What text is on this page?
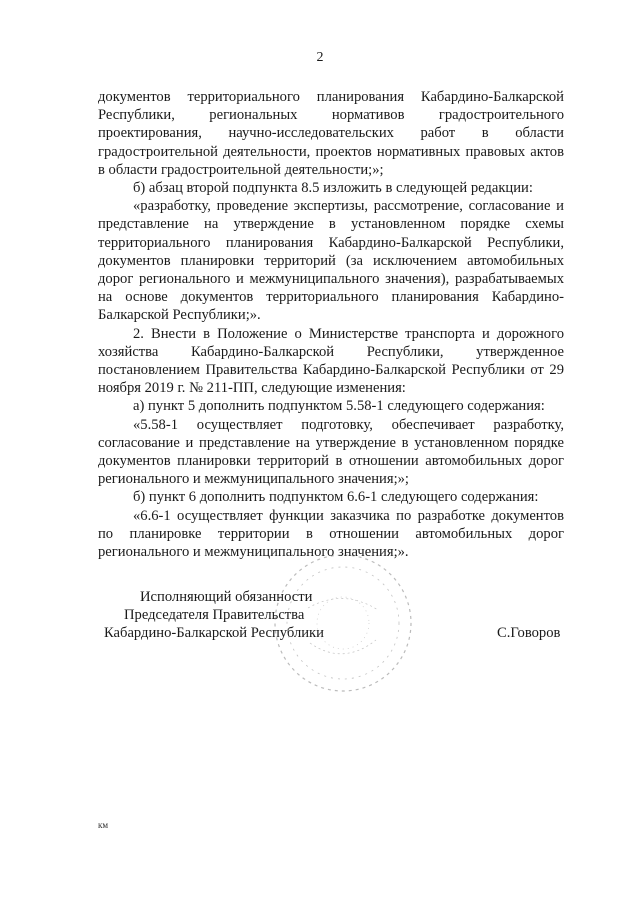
2

документов территориального планирования Кабардино-Балкарской Республики, региональных нормативов градостроительного проектирования, научно-исследовательских работ в области градостроительной деятельности, проектов нормативных правовых актов в области градостроительной деятельности;»;

б) абзац второй подпункта 8.5 изложить в следующей редакции:

«разработку, проведение экспертизы, рассмотрение, согласование и представление на утверждение в установленном порядке схемы территориального планирования Кабардино-Балкарской Республики, документов планировки территорий (за исключением автомобильных дорог регионального и межмуниципального значения), разрабатываемых на основе документов территориального планирования Кабардино-Балкарской Республики;».

2. Внести в Положение о Министерстве транспорта и дорожного хозяйства Кабардино-Балкарской Республики, утвержденное постановлением Правительства Кабардино-Балкарской Республики от 29 ноября 2019 г. № 211-ПП, следующие изменения:

а) пункт 5 дополнить подпунктом 5.58-1 следующего содержания:

«5.58-1 осуществляет подготовку, обеспечивает разработку, согласование и представление на утверждение в установленном порядке документов планировки территорий в отношении автомобильных дорог регионального и межмуниципального значения;»;

б) пункт 6 дополнить подпунктом 6.6-1 следующего содержания:

«6.6-1 осуществляет функции заказчика по разработке документов по планировке территории в отношении автомобильных дорог регионального и межмуниципального значения;».

Исполняющий обязанности
Председателя Правительства
Кабардино-Балкарской Республики	С.Говоров
км
